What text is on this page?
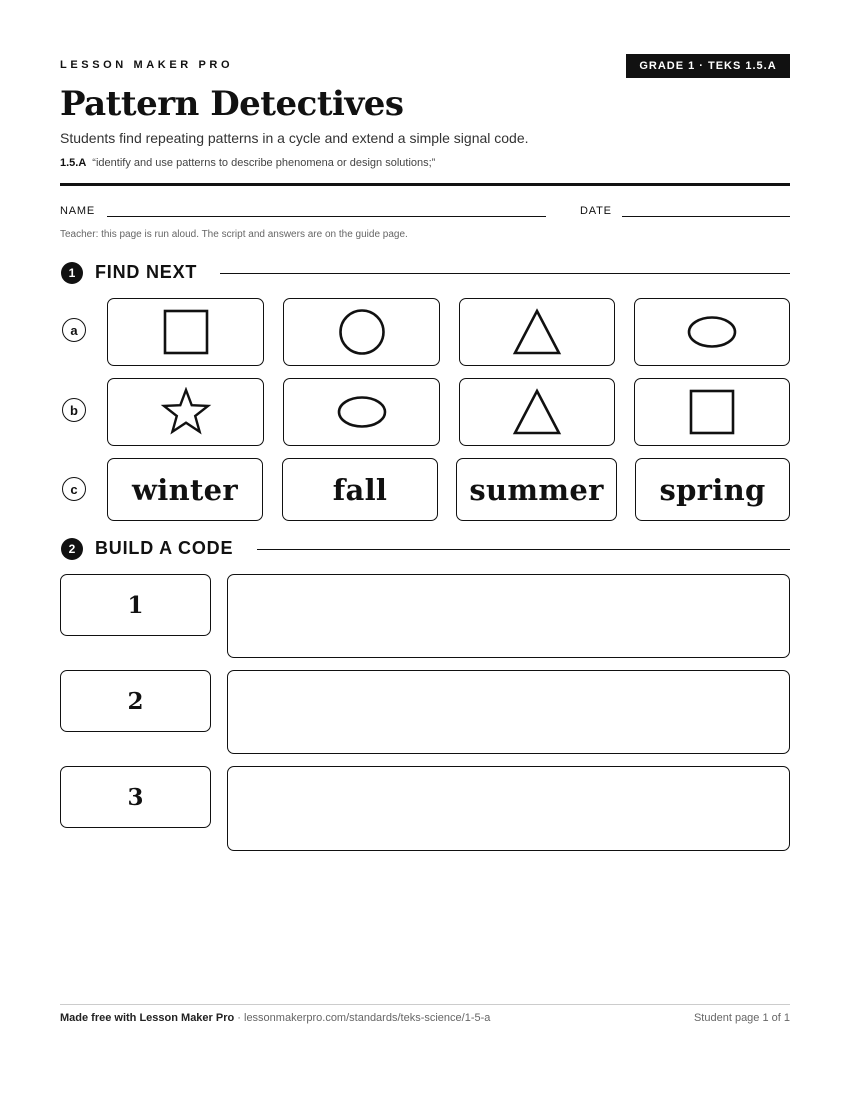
LESSON MAKER PRO	GRADE 1 · TEKS 1.5.A
Pattern Detectives
Students find repeating patterns in a cycle and extend a simple signal code.
1.5.A “identify and use patterns to describe phenomena or design solutions;”
NAME	DATE
Teacher: this page is run aloud. The script and answers are on the guide page.
1	FIND NEXT
a
b
c winter	fall	summer spring
2	BUILD A CODE
1
2
3
Made free with Lesson Maker Pro · lessonmakerpro.com/standards/teks-science/1-5-a	Student page 1 of 1
